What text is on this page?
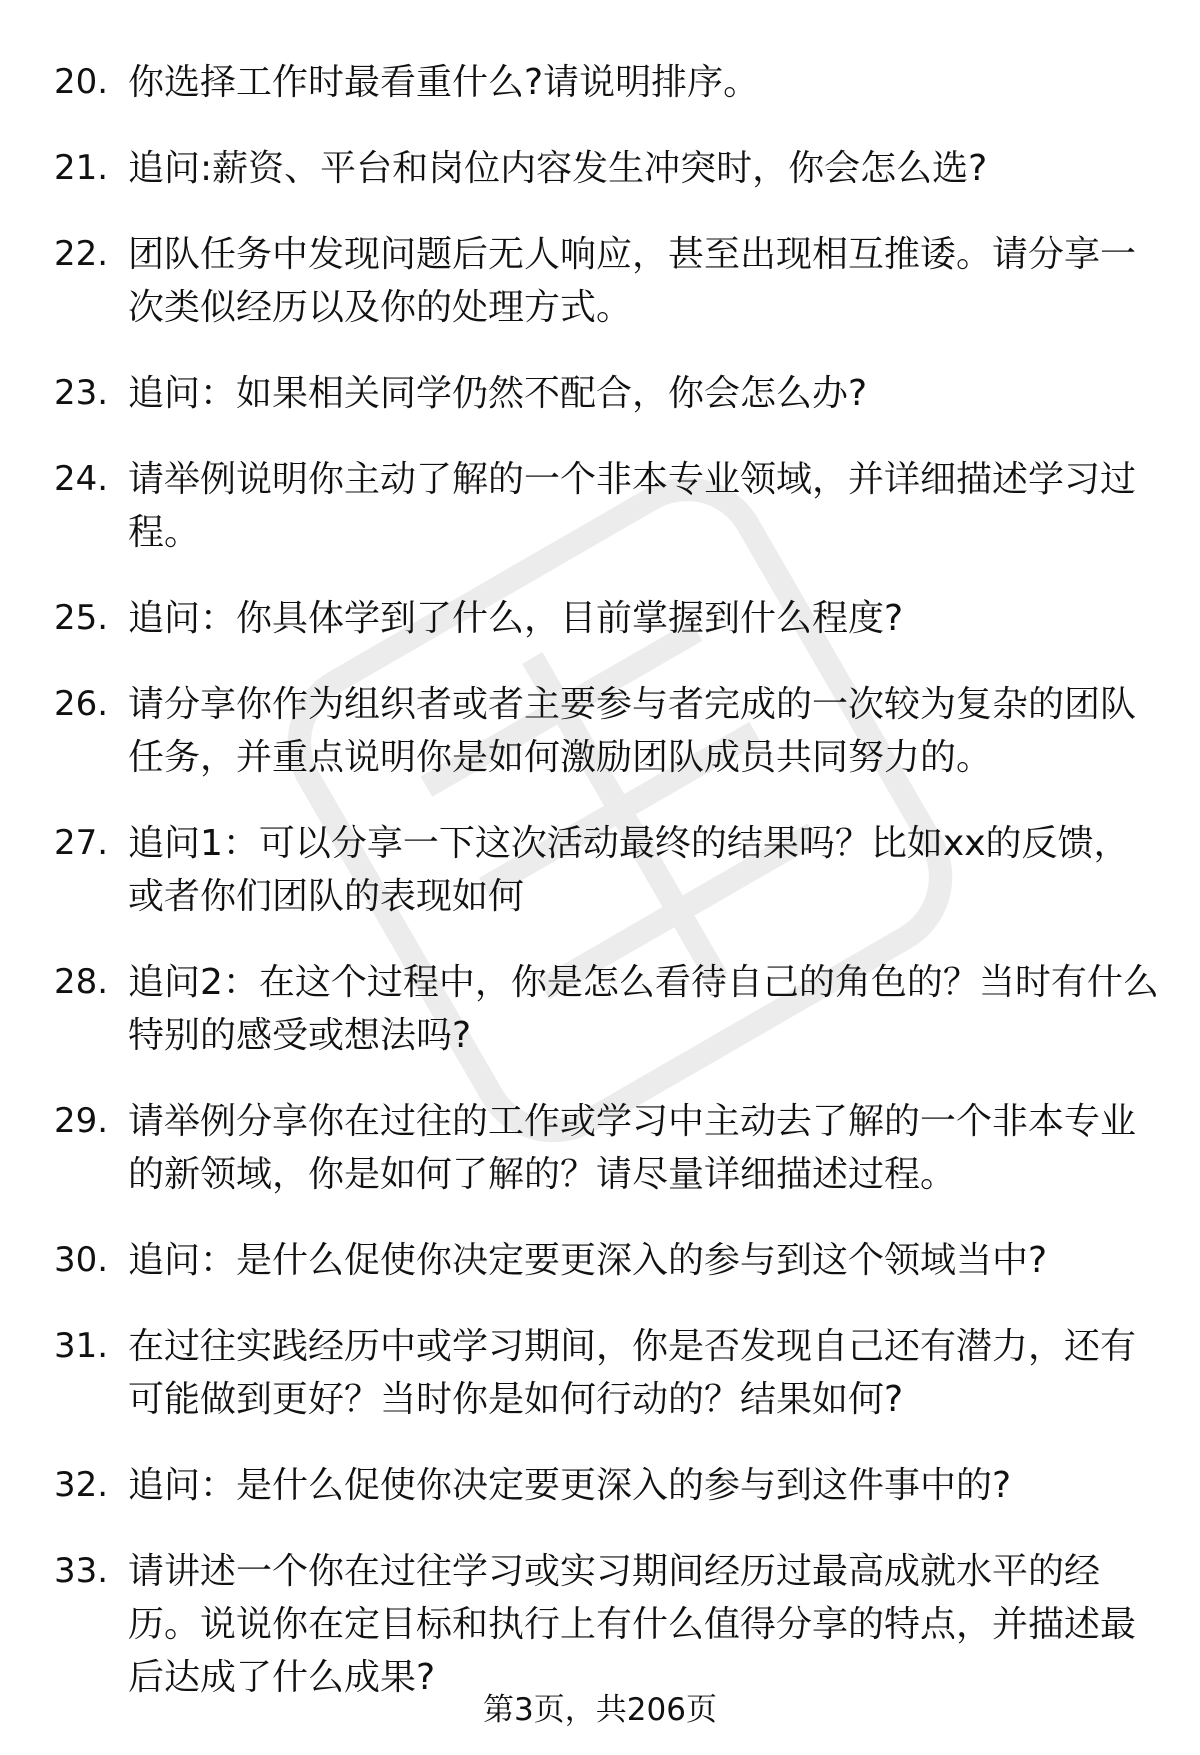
20. 你选择工作时最看重什么?请说明排序。
21. 追问:薪资、平台和岗位内容发生冲突时，你会怎么选?
22. 团队任务中发现问题后无人响应，甚至出现相互推诿。请分享一次类似经历以及你的处理方式。
23. 追问：如果相关同学仍然不配合，你会怎么办?
24. 请举例说明你主动了解的一个非本专业领域，并详细描述学习过程。
25. 追问：你具体学到了什么，目前掌握到什么程度?
26. 请分享你作为组织者或者主要参与者完成的一次较为复杂的团队任务，并重点说明你是如何激励团队成员共同努力的。
27. 追问1：可以分享一下这次活动最终的结果吗？比如xx的反馈，或者你们团队的表现如何
28. 追问2：在这个过程中，你是怎么看待自己的角色的？当时有什么特别的感受或想法吗?
29. 请举例分享你在过往的工作或学习中主动去了解的一个非本专业的新领域，你是如何了解的？请尽量详细描述过程。
30. 追问：是什么促使你决定要更深入的参与到这个领域当中?
31. 在过往实践经历中或学习期间，你是否发现自己还有潜力，还有可能做到更好？当时你是如何行动的？结果如何?
32. 追问：是什么促使你决定要更深入的参与到这件事中的?
33. 请讲述一个你在过往学习或实习期间经历过最高成就水平的经历。说说你在定目标和执行上有什么值得分享的特点，并描述最后达成了什么成果?
第3页，共206页
